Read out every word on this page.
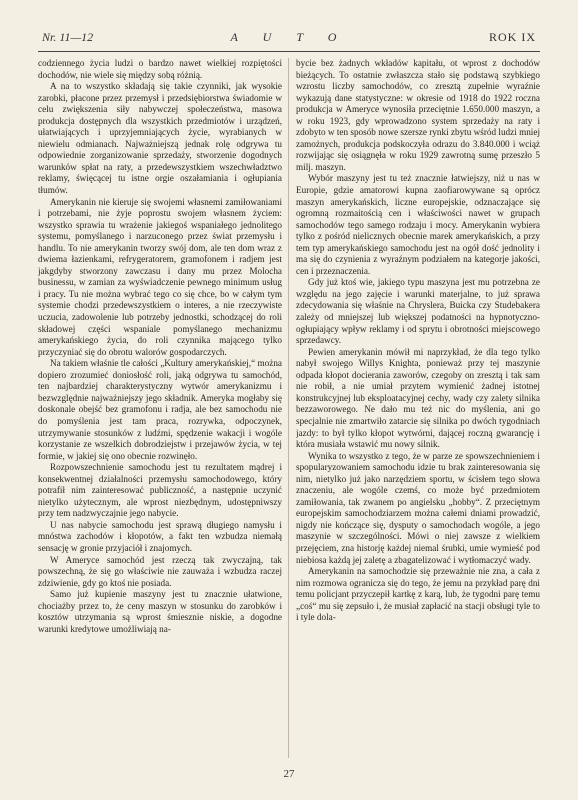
Nr. 11—12	A U T O	ROK IX

codziennego życia ludzi o bardzo nawet wielkiej rozpiętości dochodów, nie wiele się między sobą różnią.

A na to wszystko składają się takie czynniki, jak wysokie zarobki, płacone przez przemysł i przedsiębiorstwa świadomie w celu zwiększenia siły nabywczej społeczeństwa, masowa produkcja dostępnych dla wszystkich przedmiotów i urządzeń, ułatwiających i uprzyjemniających życie, wyrabianych w niewielu odmianach. Najważniejszą jednak rolę odgrywa tu odpowiednie zorganizowanie sprzedaży, stworzenie dogodnych warunków spłat na raty, a przedewszystkiem wszechwładztwo reklamy, święcącej tu istne orgie oszałamiania i ogłupiania tłumów.

Amerykanin nie kieruje się swojemi własnemi zamiłowaniami i potrzebami, nie żyje poprostu swojem własnem życiem: wszystko sprawia tu wrażenie jakiegoś wspaniałego jednolitego systemu, pomyślanego i narzuconego przez świat przemysłu i handlu. To nie amerykanin tworzy swój dom, ale ten dom wraz z dwiema łazienkami, refrygeratorem, gramofonem i radjem jest jakgdyby stworzony zawczasu i dany mu przez Molocha businessu, w zamian za wyświadczenie pewnego minimum usług i pracy. Tu nie można wybrać tego co się chce, bo w całym tym systemie chodzi przedewszystkiem o interes, a nie rzeczywiste uczucia, zadowolenie lub potrzeby jednostki, schodzącej do roli składowej części wspaniale pomyślanego mechanizmu amerykańskiego życia, do roli czynnika mającego tylko przyczyniać się do obrotu walorów gospodarczych.

Na takiem właśnie tle całości „Kultury amerykańskiej,“ można dopiero zrozumieć doniosłość roli, jaką odgrywa tu samochód, ten najbardziej charakterystyczny wytwór amerykanizmu i bezwzględnie najważniejszy jego składnik. Ameryka mogłaby się doskonale obejść bez gramofonu i radja, ale bez samochodu nie do pomyślenia jest tam praca, rozrywka, odpoczynek, utrzymywanie stosunków z ludźmi, spędzenie wakacji i wogóle korzystanie ze wszelkich dobrodziejstw i przejawów życia, w tej formie, w jakiej się ono obecnie rozwinęło.

Rozpowszechnienie samochodu jest tu rezultatem mądrej i konsekwentnej działalności przemysłu samochodowego, który potrafił nim zainteresować publiczność, a następnie uczynić nietylko użytecznym, ale wprost niezbędnym, udostępniwszy przy tem nadzwyczajnie jego nabycie.

U nas nabycie samochodu jest sprawą długiego namysłu i mnóstwa zachodów i kłopotów, a fakt ten wzbudza niemałą sensację w gronie przyjaciół i znajomych.

W Ameryce samochód jest rzeczą tak zwyczajną, tak powszechną, że się go właściwie nie zauważa i wzbudza raczej zdziwienie, gdy go ktoś nie posiada.

Samo już kupienie maszyny jest tu znacznie ułatwione, chociażby przez to, że ceny maszyn w stosunku do zarobków i kosztów utrzymania są wprost śmiesznie niskie, a dogodne warunki kredytowe umożliwiają na-

bycie bez żadnych wkładów kapitału, ot wprost z dochodów bieżących. To ostatnie zwłaszcza stało się podstawą szybkiego wzrostu liczby samochodów, co zresztą zupełnie wyraźnie wykazują dane statystyczne: w okresie od 1918 do 1922 roczna produkcja w Ameryce wynosiła przeciętnie 1.650.000 maszyn, a w roku 1923, gdy wprowadzono system sprzedaży na raty i zdobyto w ten sposób nowe szersze rynki zbytu wśród ludzi mniej zamożnych, produkcja podskoczyła odrazu do 3.840.000 i wciąż rozwijając się osiągnęła w roku 1929 zawrotną sumę przeszło 5 milj. maszyn.

Wybór maszyny jest tu też znacznie łatwiejszy, niż u nas w Europie, gdzie amatorowi kupna zaofiarowywane są oprócz maszyn amerykańskich, liczne europejskie, odznaczające się ogromną rozmaitością cen i właściwości nawet w grupach samochodów tego samego rodzaju i mocy. Amerykanin wybiera tylko z pośród nielicznych obecnie marek amerykańskich, a przy tem typ amerykańskiego samochodu jest na ogół dość jednolity i ma się do czynienia z wyraźnym podziałem na kategorje jakości, cen i przeznaczenia.

Gdy już ktoś wie, jakiego typu maszyna jest mu potrzebna ze względu na jego zajęcie i warunki materjalne, to już sprawa zdecydowania się właśnie na Chryslera, Buicka czy Studebakera zależy od mniejszej lub większej podatności na hypnotyczno-ogłupiający wpływ reklamy i od sprytu i obrotności miejscowego sprzedawcy.

Pewien amerykanin mówił mi naprzykład, że dla tego tylko nabył swojego Willys Knighta, ponieważ przy tej maszynie odpada kłopot docierania zaworów, czegoby on zresztą i tak sam nie robił, a nie umiał przytem wymienić żadnej istotnej konstrukcyjnej lub eksploatacyjnej cechy, wady czy zalety silnika bezzaworowego. Ne dało mu też nic do myślenia, ani go specjalnie nie zmartwiło zatarcie się silnika po dwóch tygodniach jazdy: to był tylko kłopot wytwórni, dającej roczną gwarancję i która musiała wstawić mu nowy silnik.

Wynika to wszystko z tego, że w parze ze spowszechnieniem i spopularyzowaniem samochodu idzie tu brak zainteresowania się nim, nietylko już jako narzędziem sportu, w ścisłem tego słowa znaczeniu, ale wogóle czemś, co może być przedmiotem zamiłowania, tak zwanem po angielsku „hobby“. Z przeciętnym europejskim samochodziarzem można całemi dniami prowadzić, nigdy nie kończące się, dysputy o samochodach wogóle, a jego maszynie w szczególności. Mówi o niej zawsze z wielkiem przejęciem, zna historję każdej niemal śrubki, umie wymieść pod niebiosa każdą jej zaletę a zbagatelizować i wytłomaczyć wady.

Amerykanin na samochodzie się przeważnie nie zna, a cała z nim rozmowa ogranicza się do tego, że jemu na przykład parę dni temu policjant przyczepił kartkę z karą, lub, że tygodni parę temu „coś“ mu się zepsuło i, że musiał zapłacić na stacji obsługi tyle to i tyle dola-

27
